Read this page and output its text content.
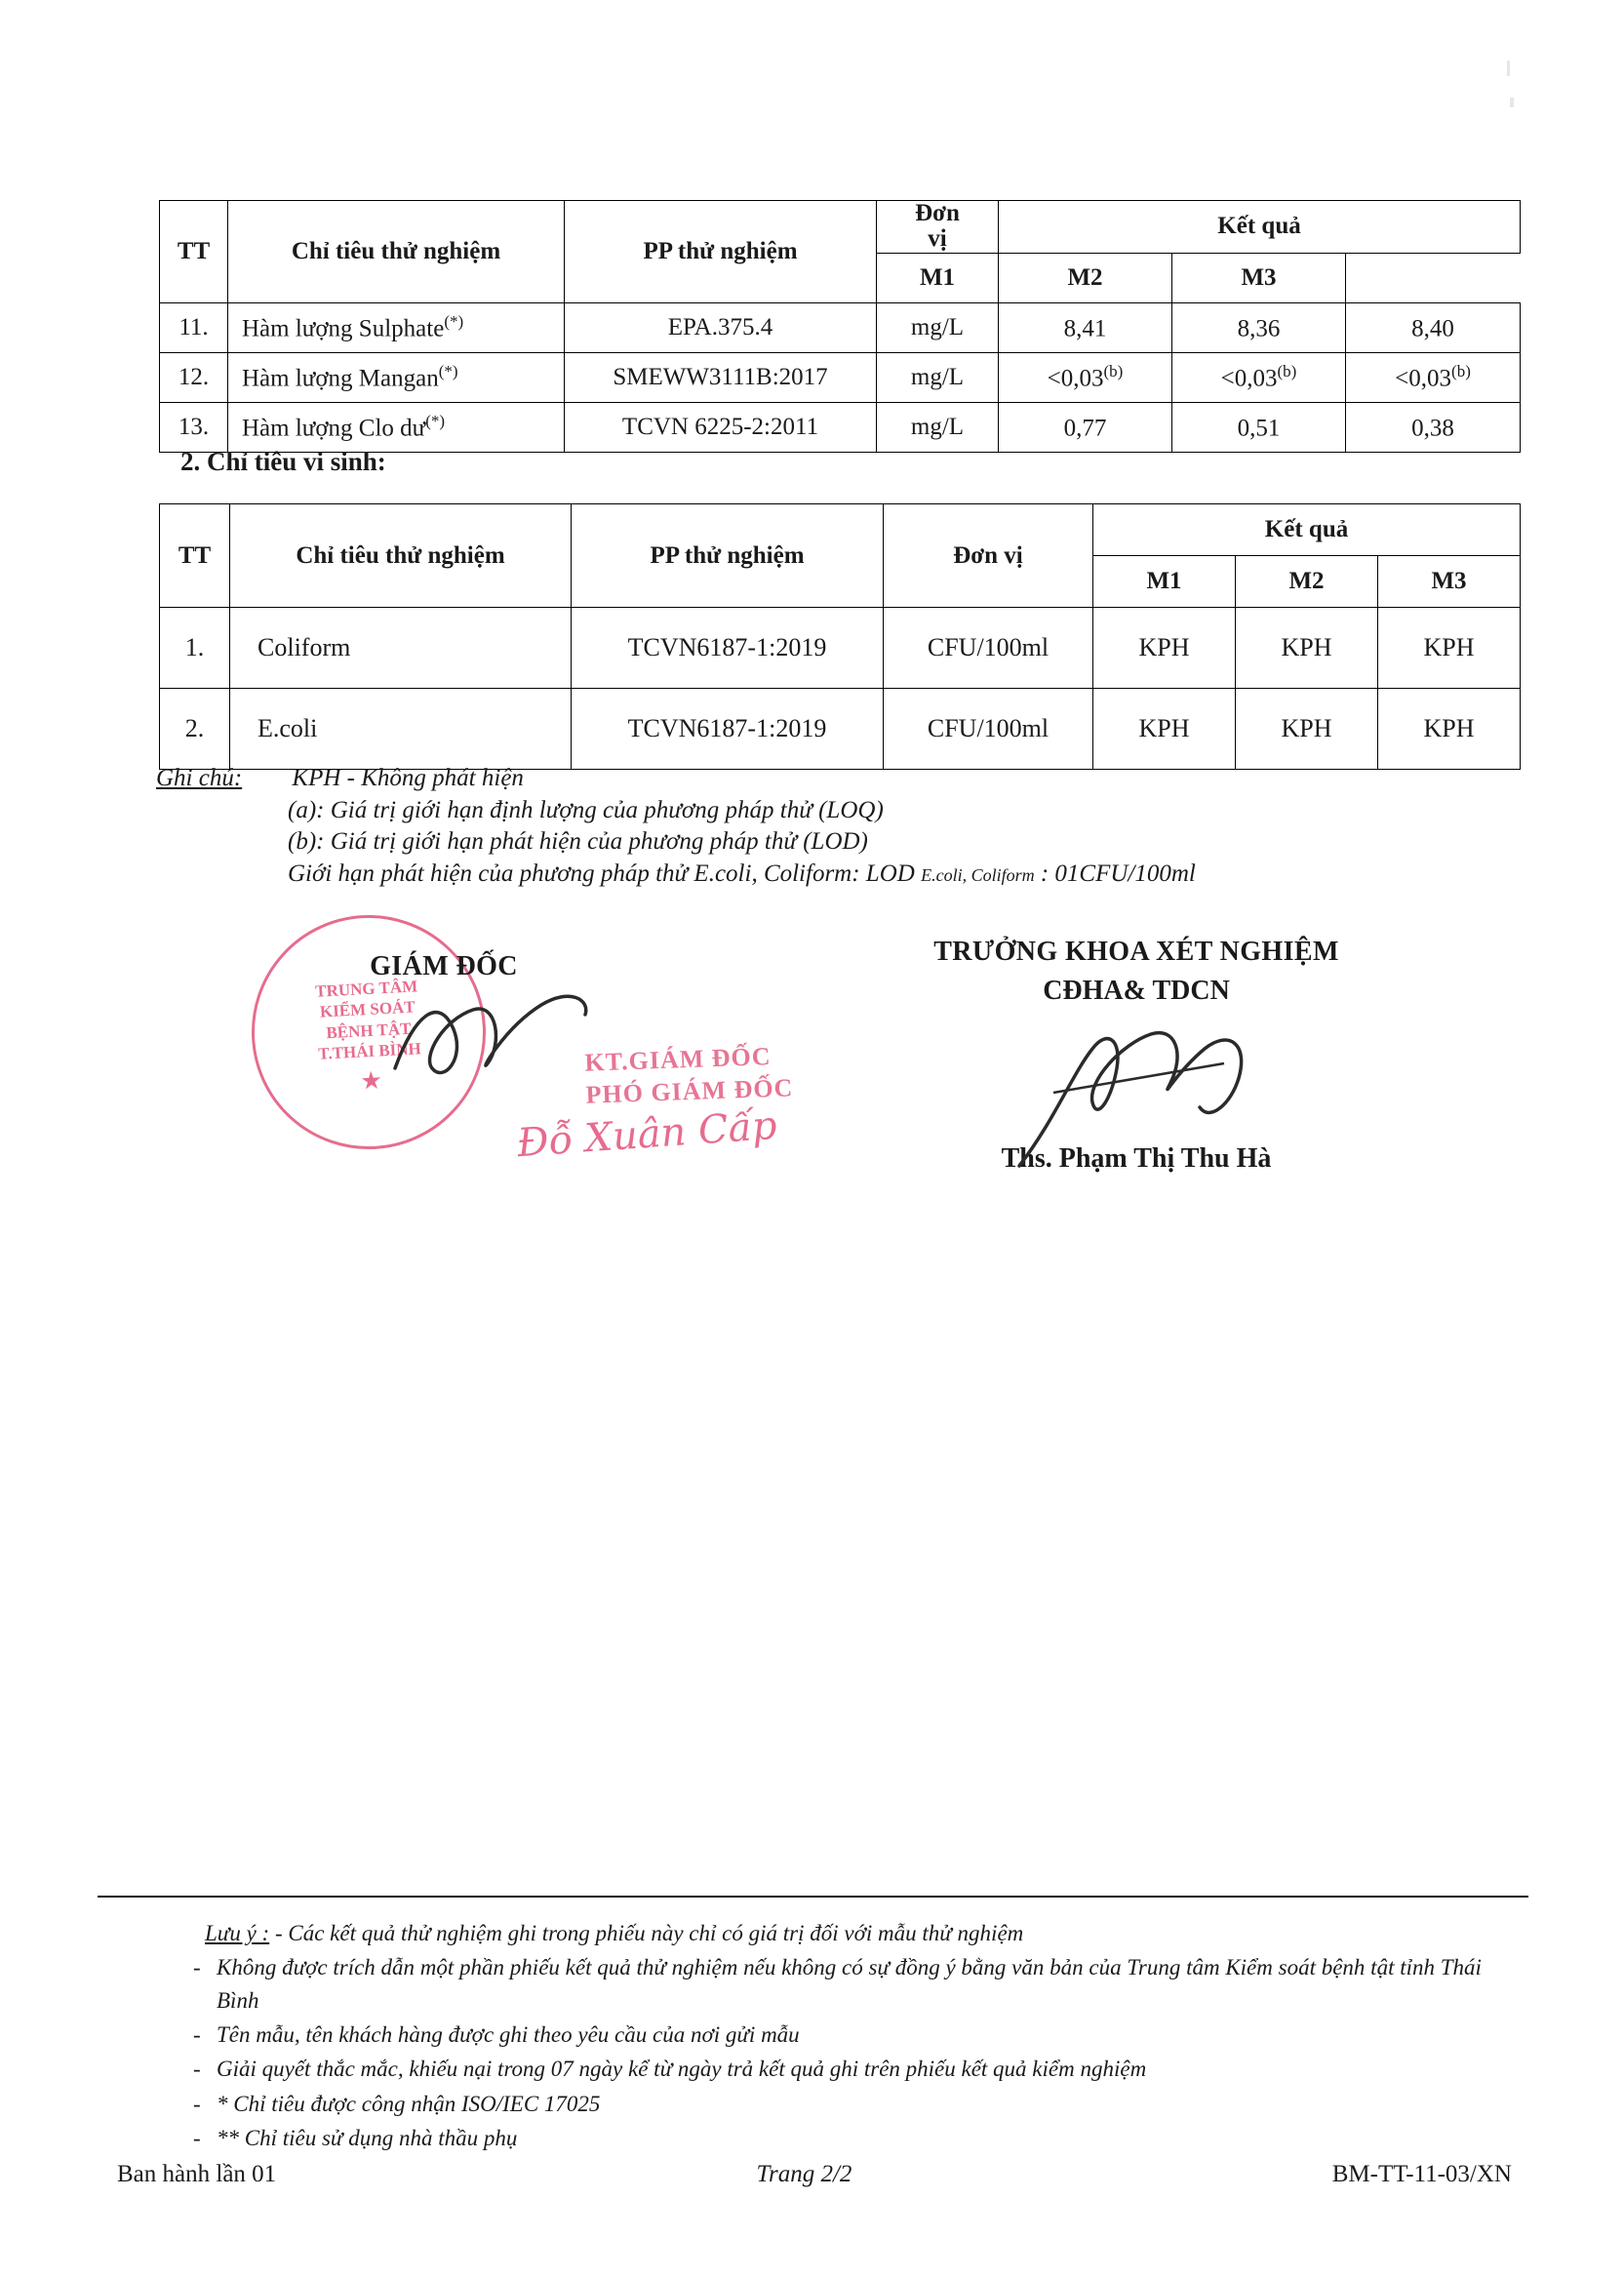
TT	Chỉ tiêu thử nghiệm	PP thử nghiệm	Đơn
vị	Kết quả		
			M1	M2	M3	
11.	Hàm lượng Sulphate(*)	EPA.375.4	mg/L	8,41	8,36	8,40
12.	Hàm lượng Mangan(*)	SMEWW3111B:2017	mg/L	$<0,03^{(b)}$	$<0,03^{(b)}$	$<0,03^{(b)}$
13.	Hàm lượng Clo dư(*)	TCVN 6225-2:2011	mg/L	0,77	0,51	0,38
2. Chỉ tiêu vi sinh:
TT	Chỉ tiêu thử nghiệm	PP thử nghiệm	Đơn vị	Kết quả		
				M1	M2	M3
1.	Coliform	TCVN6187-1:2019	CFU/100ml	KPH	KPH	KPH
2.	E.coli	TCVN6187-1:2019	CFU/100ml	KPH	KPH	KPH
Ghi chú: KPH - Không phát hiện
(a): Giá trị giới hạn định lượng của phương pháp thử (LOQ)
(b): Giá trị giới hạn phát hiện của phương pháp thử (LOD)
Giới hạn phát hiện của phương pháp thử E.coli, Coliform: LOD E.coli, Coliform : 01CFU/100ml
TRUNG TÂM
KIỂM SOÁT
BỆNH TẬT
T.THÁI BÌNH
★
GIÁM ĐỐC
KT.GIÁM ĐỐC
PHÓ GIÁM ĐỐC
Đỗ Xuân Cấp
TRƯỞNG KHOA XÉT NGHIỆM
CĐHA& TDCN
Ths. Phạm Thị Thu Hà
Lưu ý : - Các kết quả thử nghiệm ghi trong phiếu này chỉ có giá trị đối với mẫu thử nghiệm
- Không được trích dẫn một phần phiếu kết quả thử nghiệm nếu không có sự đồng ý bằng văn bản của Trung tâm Kiểm soát bệnh tật tỉnh Thái Bình
- Tên mẫu, tên khách hàng được ghi theo yêu cầu của nơi gửi mẫu
- Giải quyết thắc mắc, khiếu nại trong 07 ngày kể từ ngày trả kết quả ghi trên phiếu kết quả kiểm nghiệm
- * Chỉ tiêu được công nhận ISO/IEC 17025
- ** Chỉ tiêu sử dụng nhà thầu phụ
Ban hành lần 01	Trang 2/2	BM-TT-11-03/XN
